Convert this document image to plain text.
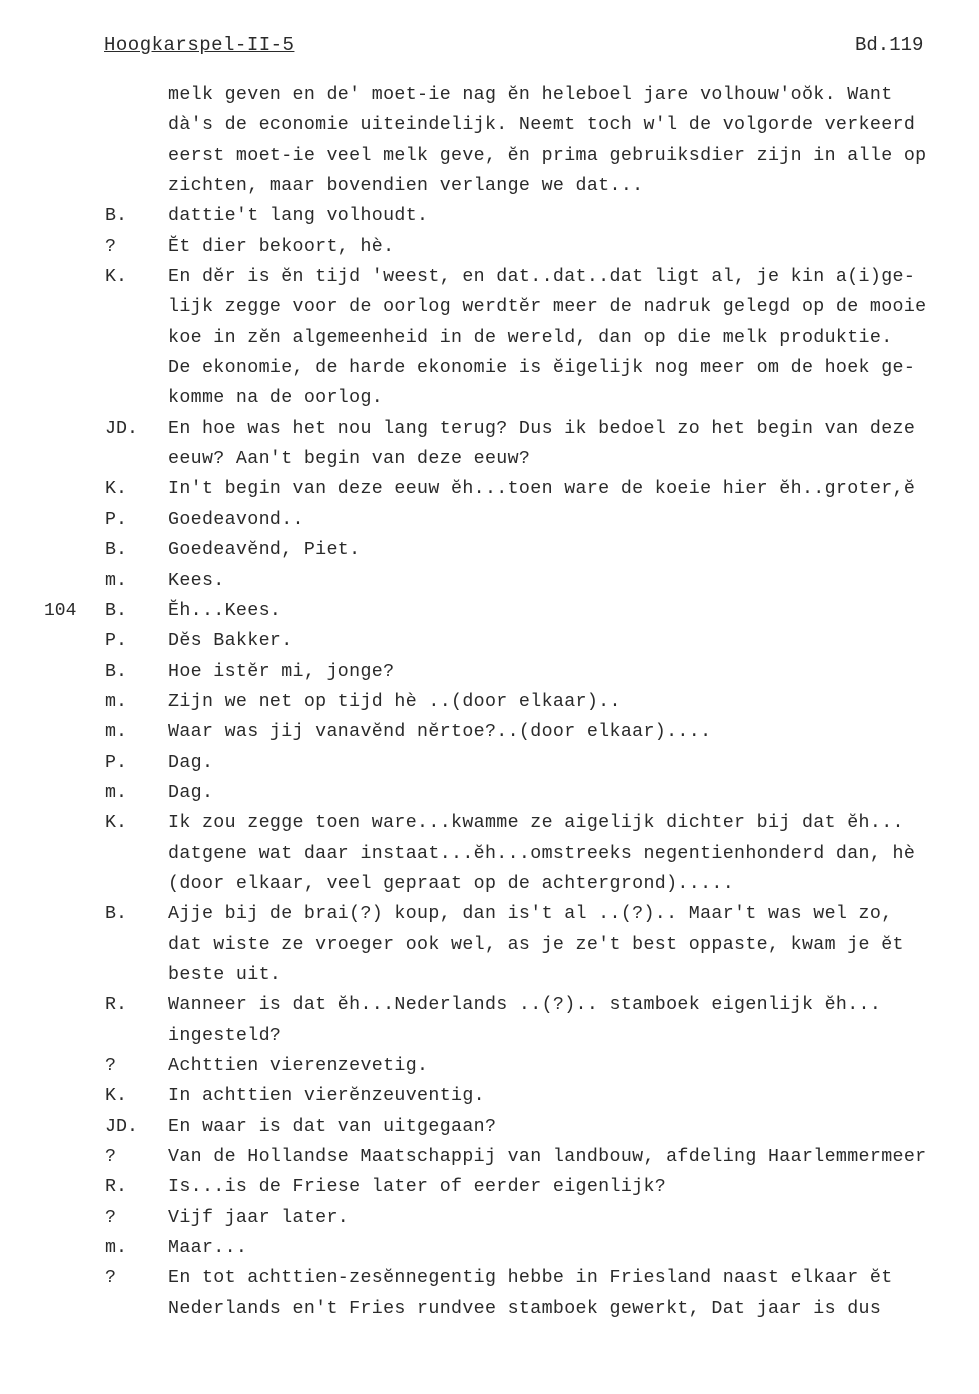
Hoogkarspel-II-5	Bd.119
104
melk geven en de' moet-ie nag ĕn heleboel jare volhouw'oŏk. Want
dà's de economie uiteindelijk. Neemt toch w'l de volgorde verkeerd
eerst moet-ie veel melk geve, ĕn prima gebruiksdier zijn in alle op
zichten, maar bovendien verlange we dat...
B. dattie't lang volhoudt.
?	Ĕt dier bekoort, hè.
K. En dĕr is ĕn tijd 'weest, en dat..dat..dat ligt al, je kin a(i)ge-
lijk zegge voor de oorlog werdtĕr meer de nadruk gelegd op de mooie
koe in zĕn algemeenheid in de wereld, dan op die melk produktie.
De ekonomie, de harde ekonomie is ĕigelijk nog meer om de hoek ge-
komme na de oorlog.
JD. En hoe was het nou lang terug? Dus ik bedoel zo het begin van deze
eeuw? Aan't begin van deze eeuw?
K. In't begin van deze eeuw ĕh...toen ware de koeie hier ĕh..groter,ĕ
P. Goedeavond..
B. Goedeavĕnd, Piet.
m. Kees.
B. Ĕh...Kees.
P. Dĕs Bakker.
B. Hoe istĕr mi, jonge?
m. Zijn we net op tijd hè ..(door elkaar)..
m. Waar was jij vanavĕnd nĕrtoe?..(door elkaar)....
P. Dag.
m. Dag.
K. Ik zou zegge toen ware...kwamme ze aigelijk dichter bij dat ĕh...
datgene wat daar instaat...ĕh...omstreeks negentienhonderd dan, hè
(door elkaar, veel gepraat op de achtergrond).....
B. Ajje bij de brai(?) koup, dan is't al ..(?).. Maar't was wel zo,
dat wiste ze vroeger ook wel, as je ze't best oppaste, kwam je ĕt
beste uit.
R. Wanneer is dat ĕh...Nederlands ..(?).. stamboek eigenlijk ĕh...
ingesteld?
?	Achttien vierenzevetig.
K. In achttien vierĕnzeuventig.
JD. En waar is dat van uitgegaan?
?	Van de Hollandse Maatschappij van landbouw, afdeling Haarlemmermeer
R. Is...is de Friese later of eerder eigenlijk?
?	Vijf jaar later.
m. Maar...
?	En tot achttien-zesĕnnegentig hebbe in Friesland naast elkaar ĕt
Nederlands en't Fries rundvee stamboek gewerkt, Dat jaar is dus
